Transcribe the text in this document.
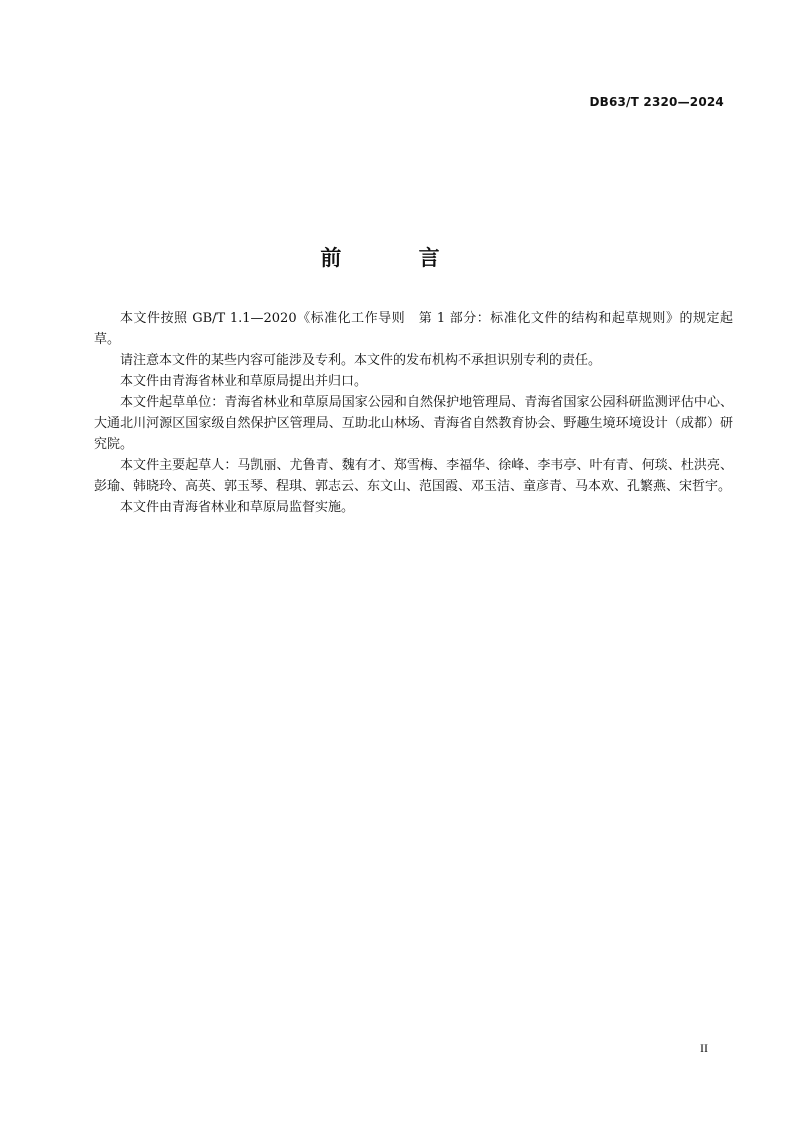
DB63/T 2320—2024
前 言

本文件按照 GB/T 1.1—2020《标准化工作导则　第 1 部分：标准化文件的结构和起草规则》的规定起草。

请注意本文件的某些内容可能涉及专利。本文件的发布机构不承担识别专利的责任。

本文件由青海省林业和草原局提出并归口。

本文件起草单位：青海省林业和草原局国家公园和自然保护地管理局、青海省国家公园科研监测评估中心、大通北川河源区国家级自然保护区管理局、互助北山林场、青海省自然教育协会、野趣生境环境设计（成都）研究院。

本文件主要起草人：马凯丽、尤鲁青、魏有才、郑雪梅、李福华、徐峰、李韦亭、叶有青、何琰、杜洪亮、彭瑜、韩晓玲、高英、郭玉琴、程琪、郭志云、东文山、范国霞、邓玉洁、童彦青、马本欢、孔繁燕、宋哲宇。

本文件由青海省林业和草原局监督实施。

II
